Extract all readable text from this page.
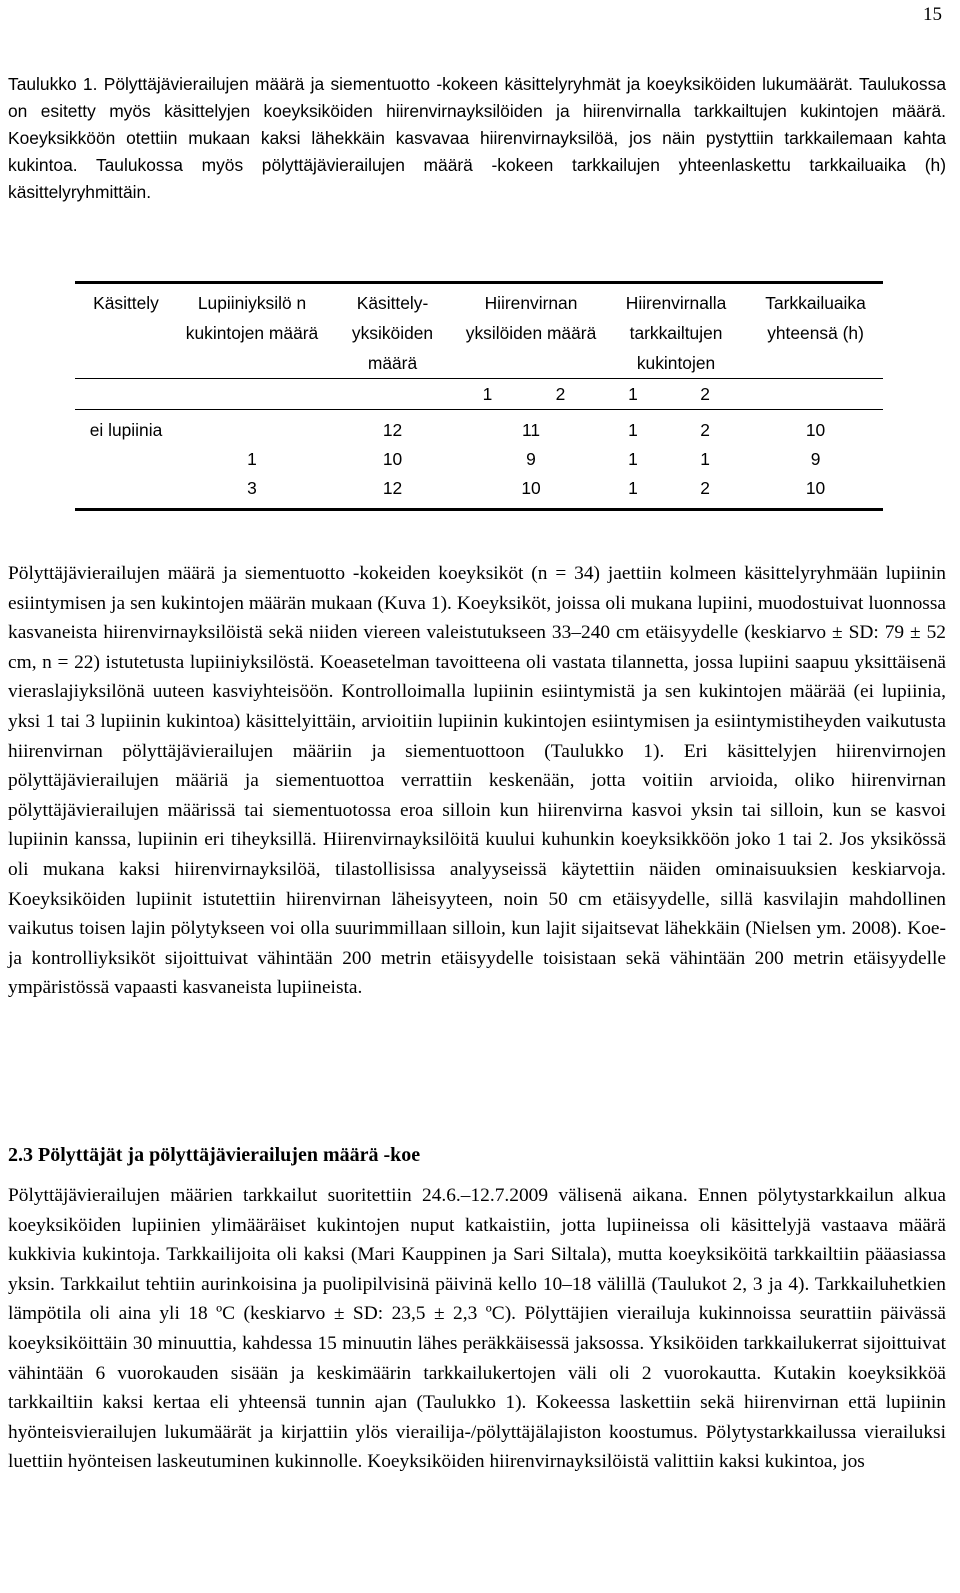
15

Taulukko 1. Pölyttäjävierailujen määrä ja siementuotto -kokeen käsittelyryhmät ja koeyksiköiden lukumäärät. Taulukossa on esitetty myös käsittelyjen koeyksiköiden hiirenvirnayksilöiden ja hiirenvirnalla tarkkailtujen kukintojen määrä. Koeyksikköön otettiin mukaan kaksi lähekkäin kasvavaa hiirenvirnayksilöä, jos näin pystyttiin tarkkailemaan kahta kukintoa. Taulukossa myös pölyttäjävierailujen määrä -kokeen tarkkailujen yhteenlaskettu tarkkailuaika (h) käsittelyryhmittäin.

Käsittely	Lupiiniyksilö n kukintojen määrä	Käsittely- yksiköiden määrä	Hiirenvirnan yksilöiden määrä		Hiirenvirnalla tarkkailtujen kukintojen		Tarkkailuaika yhteensä (h)
			1	2	1	2	
ei lupiinia		12	11		1	2	10
	1	10	9		1	1	9
	3	12	10		1	2	10

Pölyttäjävierailujen määrä ja siementuotto -kokeiden koeyksiköt (n = 34) jaettiin kolmeen käsittelyryhmään lupiinin esiintymisen ja sen kukintojen määrän mukaan (Kuva 1). Koeyksiköt, joissa oli mukana lupiini, muodostuivat luonnossa kasvaneista hiirenvirnayksilöistä sekä niiden viereen valeistutukseen 33–240 cm etäisyydelle (keskiarvo ± SD: 79 ± 52 cm, n = 22) istutetusta lupiiniyksilöstä. Koeasetelman tavoitteena oli vastata tilannetta, jossa lupiini saapuu yksittäisenä vieraslajiyksilönä uuteen kasviyhteisöön. Kontrolloimalla lupiinin esiintymistä ja sen kukintojen määrää (ei lupiinia, yksi 1 tai 3 lupiinin kukintoa) käsittelyittäin, arvioitiin lupiinin kukintojen esiintymisen ja esiintymistiheyden vaikutusta hiirenvirnan pölyttäjävierailujen määriin ja siementuottoon (Taulukko 1). Eri käsittelyjen hiirenvirnojen pölyttäjävierailujen määriä ja siementuottoa verrattiin keskenään, jotta voitiin arvioida, oliko hiirenvirnan pölyttäjävierailujen määrissä tai siementuotossa eroa silloin kun hiirenvirna kasvoi yksin tai silloin, kun se kasvoi lupiinin kanssa, lupiinin eri tiheyksillä. Hiirenvirnayksilöitä kuului kuhunkin koeyksikköön joko 1 tai 2. Jos yksikössä oli mukana kaksi hiirenvirnayksilöä, tilastollisissa analyyseissä käytettiin näiden ominaisuuksien keskiarvoja. Koeyksiköiden lupiinit istutettiin hiirenvirnan läheisyyteen, noin 50 cm etäisyydelle, sillä kasvilajin mahdollinen vaikutus toisen lajin pölytykseen voi olla suurimmillaan silloin, kun lajit sijaitsevat lähekkäin (Nielsen ym. 2008). Koe- ja kontrolliyksiköt sijoittuivat vähintään 200 metrin etäisyydelle toisistaan sekä vähintään 200 metrin etäisyydelle ympäristössä vapaasti kasvaneista lupiineista.

2.3 Pölyttäjät ja pölyttäjävierailujen määrä -koe

Pölyttäjävierailujen määrien tarkkailut suoritettiin 24.6.–12.7.2009 välisenä aikana. Ennen pölytystarkkailun alkua koeyksiköiden lupiinien ylimääräiset kukintojen nuput katkaistiin, jotta lupiineissa oli käsittelyjä vastaava määrä kukkivia kukintoja. Tarkkailijoita oli kaksi (Mari Kauppinen ja Sari Siltala), mutta koeyksiköitä tarkkailtiin pääasiassa yksin. Tarkkailut tehtiin aurinkoisina ja puolipilvisinä päivinä kello 10–18 välillä (Taulukot 2, 3 ja 4). Tarkkailuhetkien lämpötila oli aina yli 18 ºC (keskiarvo ± SD: 23,5 ± 2,3 ºC). Pölyttäjien vierailuja kukinnoissa seurattiin päivässä koeyksiköittäin 30 minuuttia, kahdessa 15 minuutin lähes peräkkäisessä jaksossa. Yksiköiden tarkkailukerrat sijoittuivat vähintään 6 vuorokauden sisään ja keskimäärin tarkkailukertojen väli oli 2 vuorokautta. Kutakin koeyksikköä tarkkailtiin kaksi kertaa eli yhteensä tunnin ajan (Taulukko 1). Kokeessa laskettiin sekä hiirenvirnan että lupiinin hyönteisvierailujen lukumäärät ja kirjattiin ylös vierailija-/pölyttäjälajiston koostumus. Pölytystarkkailussa vierailuksi luettiin hyönteisen laskeutuminen kukinnolle. Koeyksiköiden hiirenvirnayksilöistä valittiin kaksi kukintoa, jos
